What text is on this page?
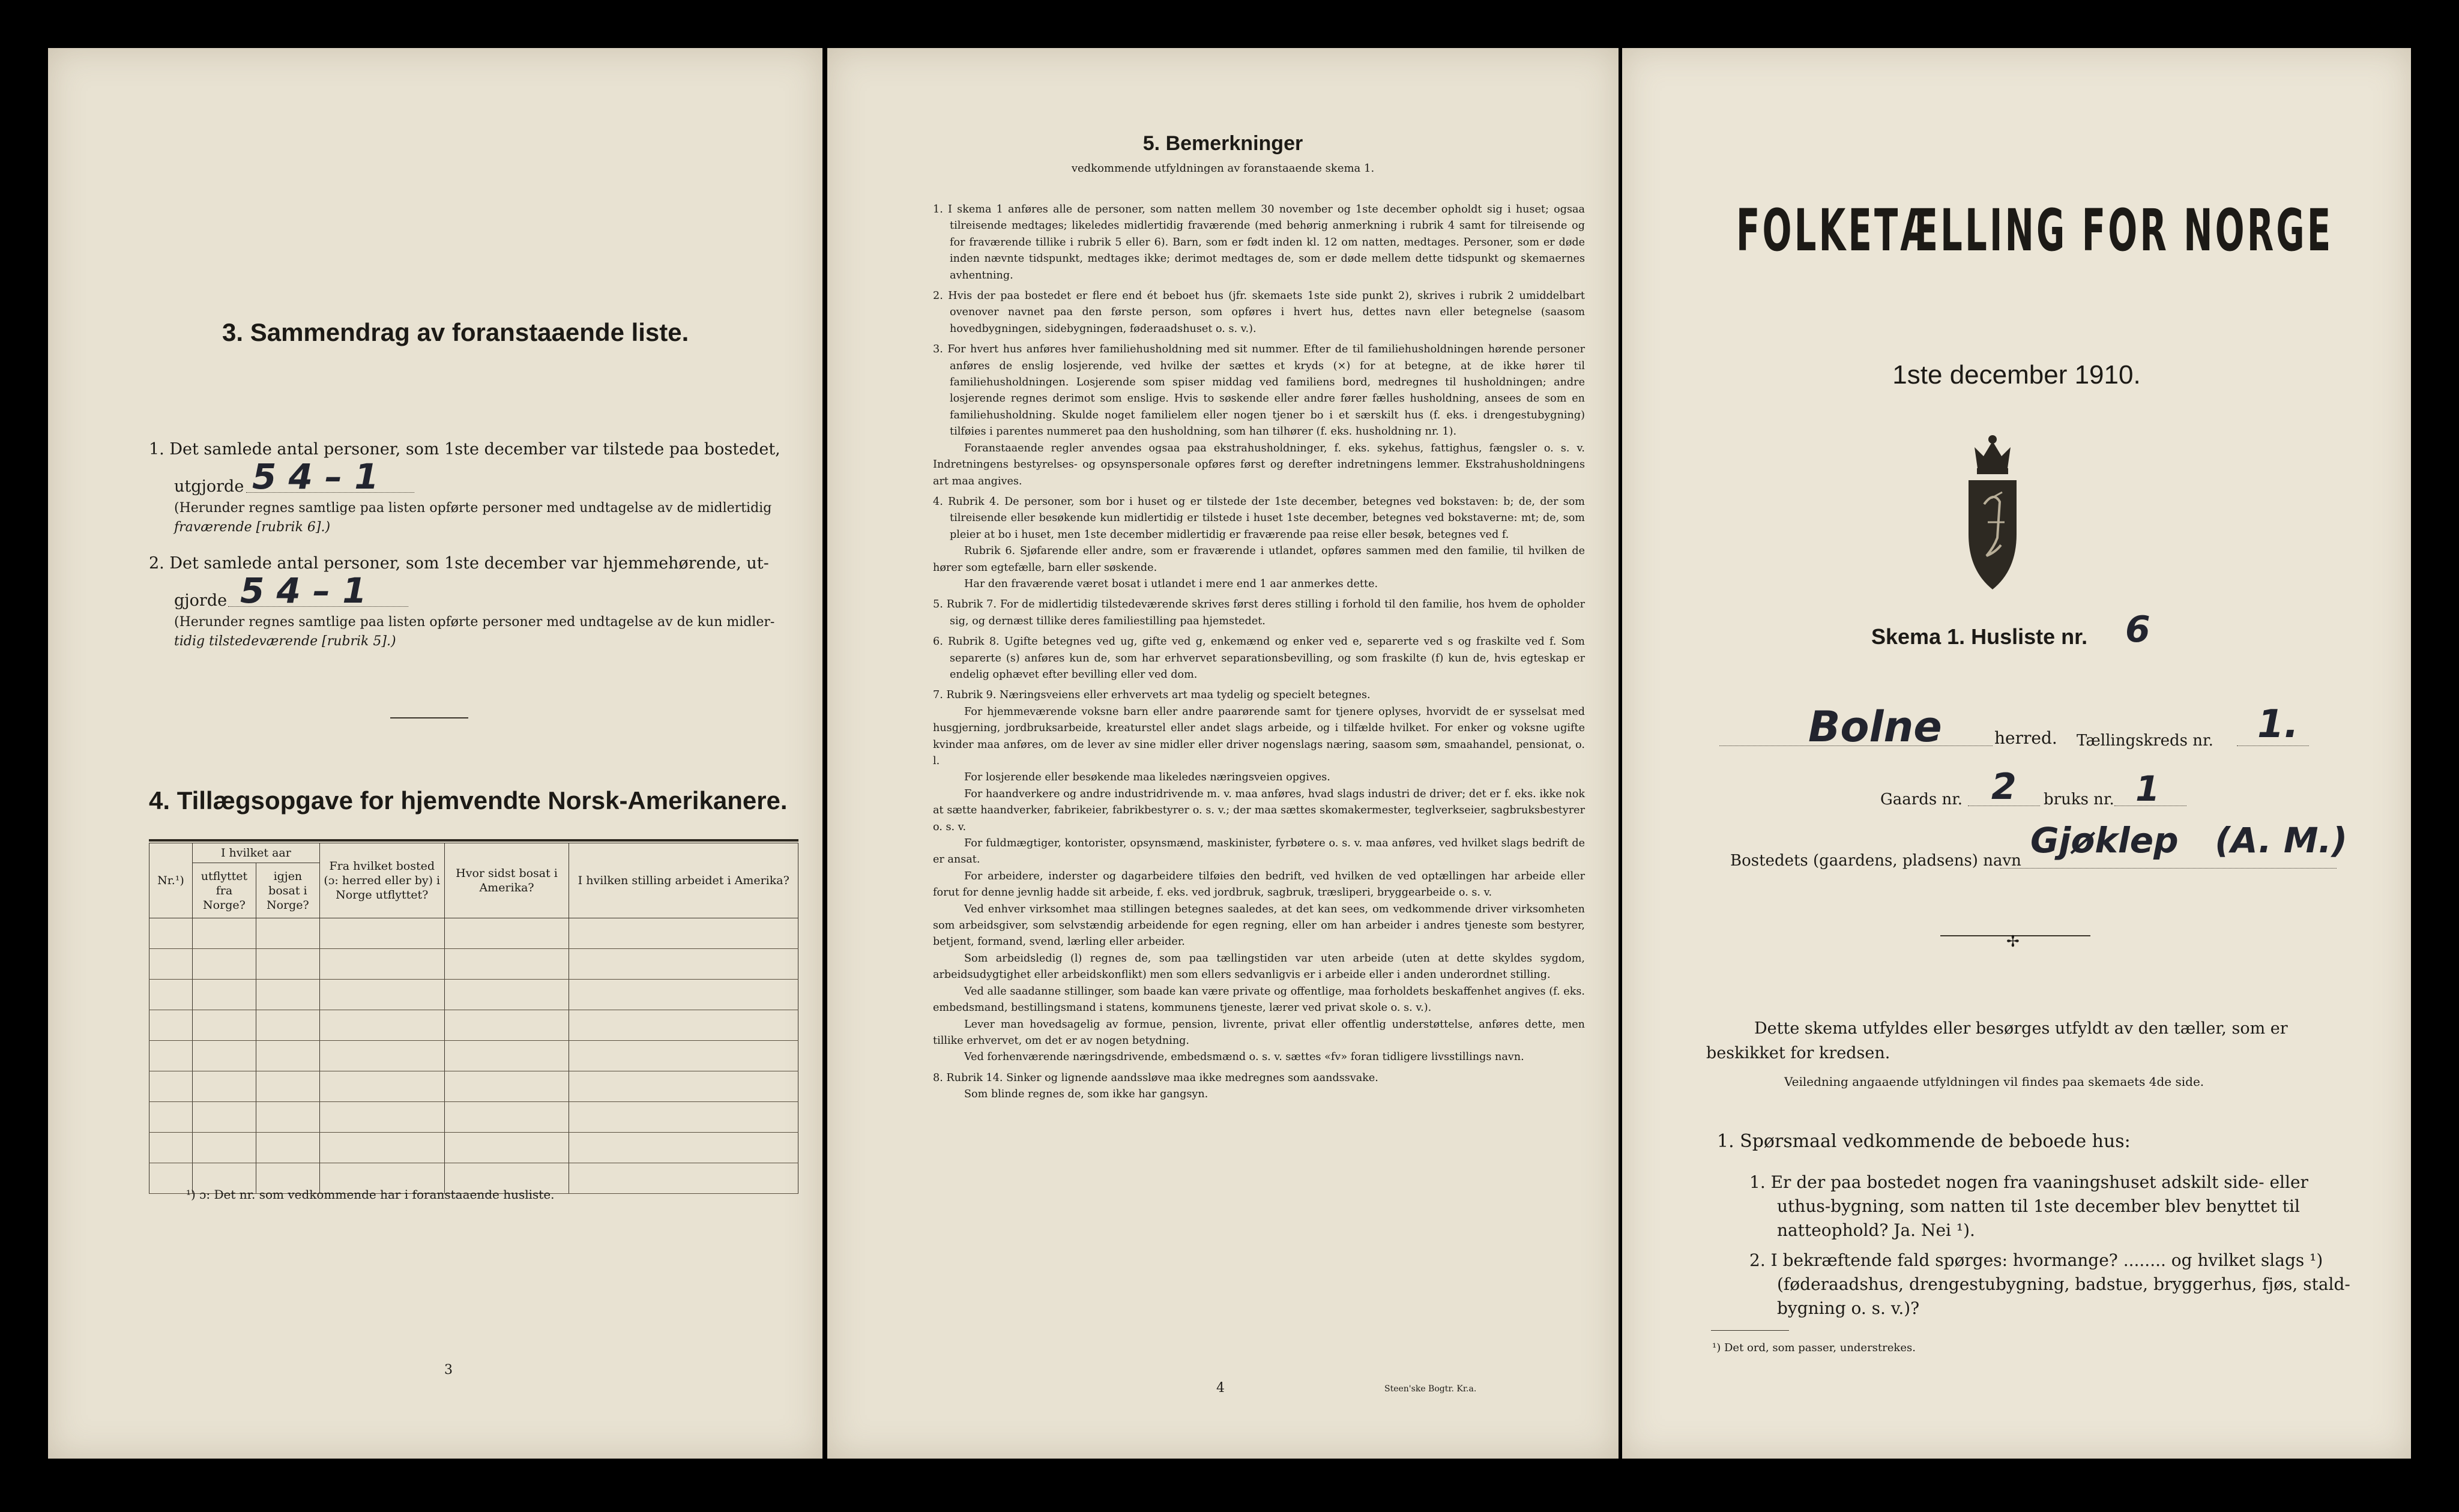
3. Sammendrag av foranstaaende liste.
1. Det samlede antal personer, som 1ste december var tilstede paa bostedet,
utgjorde 5 4 – 1
(Herunder regnes samtlige paa listen opførte personer med undtagelse av de midlertidig
fraværende [rubrik 6].)
2. Det samlede antal personer, som 1ste december var hjemmehørende, ut-
gjorde 5 4 – 1
(Herunder regnes samtlige paa listen opførte personer med undtagelse av de kun midler-
tidig tilstedeværende [rubrik 5].)
4. Tillægsopgave for hjemvendte Norsk-Amerikanere.
Nr.¹)	I hvilket aar		Fra hvilket bosted (ɔ: herred eller by) i Norge utflyttet?	Hvor sidst bosat i Amerika?	I hvilken stilling arbeidet i Amerika?
	utflyttet fra Norge?	igjen bosat i Norge?			

¹) ɔ: Det nr. som vedkommende har i foranstaaende husliste.
3
5. Bemerkninger
vedkommende utfyldningen av foranstaaende skema 1.

1. I skema 1 anføres alle de personer, som natten mellem 30 november og 1ste december opholdt sig i huset; ogsaa tilreisende medtages; likeledes midlertidig fraværende (med behørig anmerkning i rubrik 4 samt for tilreisende og for fraværende tillike i rubrik 5 eller 6). Barn, som er født inden kl. 12 om natten, medtages. Personer, som er døde inden nævnte tidspunkt, medtages ikke; derimot medtages de, som er døde mellem dette tidspunkt og skemaernes avhentning.

2. Hvis der paa bostedet er flere end ét beboet hus (jfr. skemaets 1ste side punkt 2), skrives i rubrik 2 umiddelbart ovenover navnet paa den første person, som opføres i hvert hus, dettes navn eller betegnelse (saasom hovedbygningen, sidebygningen, føderaadshuset o. s. v.).

3. For hvert hus anføres hver familiehusholdning med sit nummer. Efter de til familiehusholdningen hørende personer anføres de enslig losjerende, ved hvilke der sættes et kryds (×) for at betegne, at de ikke hører til familiehusholdningen. Losjerende som spiser middag ved familiens bord, medregnes til husholdningen; andre losjerende regnes derimot som enslige. Hvis to søskende eller andre fører fælles husholdning, ansees de som en familiehusholdning. Skulde noget familielem eller nogen tjener bo i et særskilt hus (f. eks. i drengestubygning) tilføies i parentes nummeret paa den husholdning, som han tilhører (f. eks. husholdning nr. 1).

Foranstaaende regler anvendes ogsaa paa ekstrahusholdninger, f. eks. sykehus, fattighus, fængsler o. s. v. Indretningens bestyrelses- og opsynspersonale opføres først og derefter indretningens lemmer. Ekstrahusholdningens art maa angives.

4. Rubrik 4. De personer, som bor i huset og er tilstede der 1ste december, betegnes ved bokstaven: b; de, der som tilreisende eller besøkende kun midlertidig er tilstede i huset 1ste december, betegnes ved bokstaverne: mt; de, som pleier at bo i huset, men 1ste december midlertidig er fraværende paa reise eller besøk, betegnes ved f.

Rubrik 6. Sjøfarende eller andre, som er fraværende i utlandet, opføres sammen med den familie, til hvilken de hører som egtefælle, barn eller søskende.

Har den fraværende været bosat i utlandet i mere end 1 aar anmerkes dette.

5. Rubrik 7. For de midlertidig tilstedeværende skrives først deres stilling i forhold til den familie, hos hvem de opholder sig, og dernæst tillike deres familiestilling paa hjemstedet.

6. Rubrik 8. Ugifte betegnes ved ug, gifte ved g, enkemænd og enker ved e, separerte ved s og fraskilte ved f. Som separerte (s) anføres kun de, som har erhvervet separationsbevilling, og som fraskilte (f) kun de, hvis egteskap er endelig ophævet efter bevilling eller ved dom.

7. Rubrik 9. Næringsveiens eller erhvervets art maa tydelig og specielt betegnes.

For hjemmeværende voksne barn eller andre paarørende samt for tjenere oplyses, hvorvidt de er sysselsat med husgjerning, jordbruksarbeide, kreaturstel eller andet slags arbeide, og i tilfælde hvilket. For enker og voksne ugifte kvinder maa anføres, om de lever av sine midler eller driver nogenslags næring, saasom søm, smaahandel, pensionat, o. l.

For losjerende eller besøkende maa likeledes næringsveien opgives.

For haandverkere og andre industridrivende m. v. maa anføres, hvad slags industri de driver; det er f. eks. ikke nok at sætte haandverker, fabrikeier, fabrikbestyrer o. s. v.; der maa sættes skomakermester, teglverkseier, sagbruksbestyrer o. s. v.

For fuldmægtiger, kontorister, opsynsmænd, maskinister, fyrbøtere o. s. v. maa anføres, ved hvilket slags bedrift de er ansat.

For arbeidere, inderster og dagarbeidere tilføies den bedrift, ved hvilken de ved optællingen har arbeide eller forut for denne jevnlig hadde sit arbeide, f. eks. ved jordbruk, sagbruk, træsliperi, bryggearbeide o. s. v.

Ved enhver virksomhet maa stillingen betegnes saaledes, at det kan sees, om vedkommende driver virksomheten som arbeidsgiver, som selvstændig arbeidende for egen regning, eller om han arbeider i andres tjeneste som bestyrer, betjent, formand, svend, lærling eller arbeider.

Som arbeidsledig (l) regnes de, som paa tællingstiden var uten arbeide (uten at dette skyldes sygdom, arbeidsudygtighet eller arbeidskonflikt) men som ellers sedvanligvis er i arbeide eller i anden underordnet stilling.

Ved alle saadanne stillinger, som baade kan være private og offentlige, maa forholdets beskaffenhet angives (f. eks. embedsmand, bestillingsmand i statens, kommunens tjeneste, lærer ved privat skole o. s. v.).

Lever man hovedsagelig av formue, pension, livrente, privat eller offentlig understøttelse, anføres dette, men tillike erhvervet, om det er av nogen betydning.

Ved forhenværende næringsdrivende, embedsmænd o. s. v. sættes «fv» foran tidligere livsstillings navn.

8. Rubrik 14. Sinker og lignende aandssløve maa ikke medregnes som aandssvake.

Som blinde regnes de, som ikke har gangsyn.

4	Steen'ske Bogtr. Kr.a.
FOLKETÆLLING FOR NORGE
1ste december 1910.
Skema 1. Husliste nr. 6
Bolne	herred. Tællingskreds nr. 1.
Gaards nr. 2 bruks nr. 1
Bostedets (gaardens, pladsens) navn Gjøklep   (A. M.)
✢
Dette skema utfyldes eller besørges utfyldt av den tæller, som er
beskikket for kredsen.
Veiledning angaaende utfyldningen vil findes paa skemaets 4de side.
1. Spørsmaal vedkommende de beboede hus:
1. Er der paa bostedet nogen fra vaaningshuset adskilt side- eller
uthus-bygning, som natten til 1ste december blev benyttet til
natteophold? Ja. Nei ¹).
2. I bekræftende fald spørges: hvormange? ........ og hvilket slags ¹)
(føderaadshus, drengestubygning, badstue, bryggerhus, fjøs, stald-
bygning o. s. v.)?
¹) Det ord, som passer, understrekes.
